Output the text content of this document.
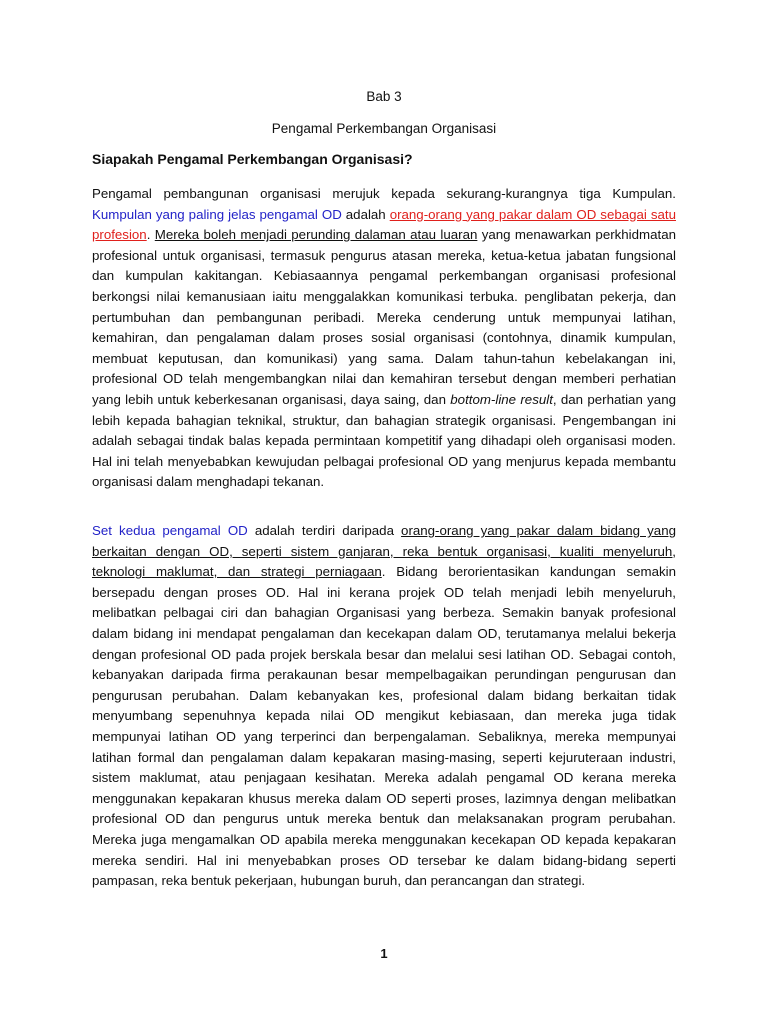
Bab 3
Pengamal Perkembangan Organisasi
Siapakah Pengamal Perkembangan Organisasi?

Pengamal pembangunan organisasi merujuk kepada sekurang-kurangnya tiga Kumpulan. Kumpulan yang paling jelas pengamal OD adalah orang-orang yang pakar dalam OD sebagai satu profesion. Mereka boleh menjadi perunding dalaman atau luaran yang menawarkan perkhidmatan profesional untuk organisasi, termasuk pengurus atasan mereka, ketua-ketua jabatan fungsional dan kumpulan kakitangan. Kebiasaannya pengamal perkembangan organisasi profesional berkongsi nilai kemanusiaan iaitu menggalakkan komunikasi terbuka. penglibatan pekerja, dan pertumbuhan dan pembangunan peribadi. Mereka cenderung untuk mempunyai latihan, kemahiran, dan pengalaman dalam proses sosial organisasi (contohnya, dinamik kumpulan, membuat keputusan, dan komunikasi) yang sama. Dalam tahun-tahun kebelakangan ini, profesional OD telah mengembangkan nilai dan kemahiran tersebut dengan memberi perhatian yang lebih untuk keberkesanan organisasi, daya saing, dan bottom-line result, dan perhatian yang lebih kepada bahagian teknikal, struktur, dan bahagian strategik organisasi. Pengembangan ini adalah sebagai tindak balas kepada permintaan kompetitif yang dihadapi oleh organisasi moden. Hal ini telah menyebabkan kewujudan pelbagai profesional OD yang menjurus kepada membantu organisasi dalam menghadapi tekanan.

Set kedua pengamal OD adalah terdiri daripada orang-orang yang pakar dalam bidang yang berkaitan dengan OD, seperti sistem ganjaran, reka bentuk organisasi, kualiti menyeluruh, teknologi maklumat, dan strategi perniagaan. Bidang berorientasikan kandungan semakin bersepadu dengan proses OD. Hal ini kerana projek OD telah menjadi lebih menyeluruh, melibatkan pelbagai ciri dan bahagian Organisasi yang berbeza. Semakin banyak profesional dalam bidang ini mendapat pengalaman dan kecekapan dalam OD, terutamanya melalui bekerja dengan profesional OD pada projek berskala besar dan melalui sesi latihan OD. Sebagai contoh, kebanyakan daripada firma perakaunan besar mempelbagaikan perundingan pengurusan dan pengurusan perubahan. Dalam kebanyakan kes, profesional dalam bidang berkaitan tidak menyumbang sepenuhnya kepada nilai OD mengikut kebiasaan, dan mereka juga tidak mempunyai latihan OD yang terperinci dan berpengalaman. Sebaliknya, mereka mempunyai latihan formal dan pengalaman dalam kepakaran masing-masing, seperti kejuruteraan industri, sistem maklumat, atau penjagaan kesihatan. Mereka adalah pengamal OD kerana mereka menggunakan kepakaran khusus mereka dalam OD seperti proses, lazimnya dengan melibatkan profesional OD dan pengurus untuk mereka bentuk dan melaksanakan program perubahan. Mereka juga mengamalkan OD apabila mereka menggunakan kecekapan OD kepada kepakaran mereka sendiri. Hal ini menyebabkan proses OD tersebar ke dalam bidang-bidang seperti pampasan, reka bentuk pekerjaan, hubungan buruh, dan perancangan dan strategi.

1
